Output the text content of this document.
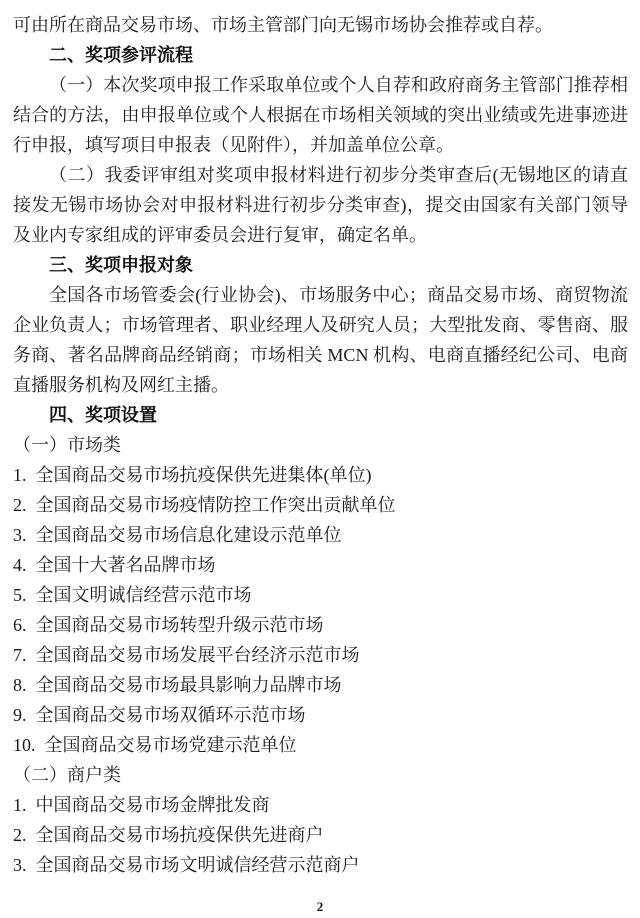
可由所在商品交易市场、市场主管部门向无锡市场协会推荐或自荐。

二、奖项参评流程

（一）本次奖项申报工作采取单位或个人自荐和政府商务主管部门推荐相结合的方法，由申报单位或个人根据在市场相关领域的突出业绩或先进事迹进行申报，填写项目申报表（见附件），并加盖单位公章。

（二）我委评审组对奖项申报材料进行初步分类审查后(无锡地区的请直接发无锡市场协会对申报材料进行初步分类审查)，提交由国家有关部门领导及业内专家组成的评审委员会进行复审，确定名单。

三、奖项申报对象

全国各市场管委会(行业协会)、市场服务中心；商品交易市场、商贸物流企业负责人；市场管理者、职业经理人及研究人员；大型批发商、零售商、服务商、著名品牌商品经销商；市场相关 MCN 机构、电商直播经纪公司、电商直播服务机构及网红主播。

四、奖项设置

（一）市场类

1. 全国商品交易市场抗疫保供先进集体(单位)

2. 全国商品交易市场疫情防控工作突出贡献单位

3. 全国商品交易市场信息化建设示范单位

4. 全国十大著名品牌市场

5. 全国文明诚信经营示范市场

6. 全国商品交易市场转型升级示范市场

7. 全国商品交易市场发展平台经济示范市场

8. 全国商品交易市场最具影响力品牌市场

9. 全国商品交易市场双循环示范市场

10. 全国商品交易市场党建示范单位

（二）商户类

1. 中国商品交易市场金牌批发商

2. 全国商品交易市场抗疫保供先进商户

3. 全国商品交易市场文明诚信经营示范商户

2
